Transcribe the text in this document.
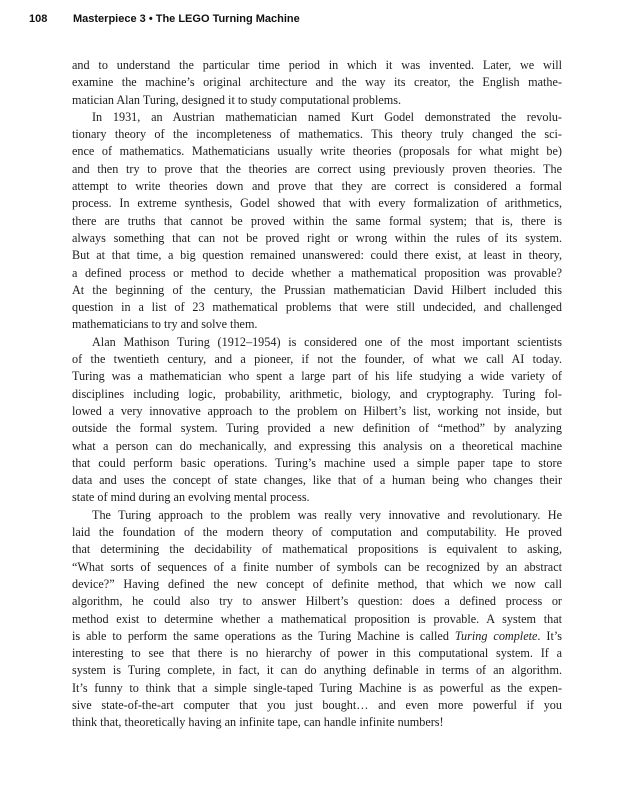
108 Masterpiece 3 • The LEGO Turning Machine
and to understand the particular time period in which it was invented. Later, we will
examine the machine’s original architecture and the way its creator, the English mathe-
matician Alan Turing, designed it to study computational problems.
In 1931, an Austrian mathematician named Kurt Godel demonstrated the revolu-
tionary theory of the incompleteness of mathematics. This theory truly changed the sci-
ence of mathematics. Mathematicians usually write theories (proposals for what might be)
and then try to prove that the theories are correct using previously proven theories. The
attempt to write theories down and prove that they are correct is considered a formal
process. In extreme synthesis, Godel showed that with every formalization of arithmetics,
there are truths that cannot be proved within the same formal system; that is, there is
always something that can not be proved right or wrong within the rules of its system.
But at that time, a big question remained unanswered: could there exist, at least in theory,
a defined process or method to decide whether a mathematical proposition was provable?
At the beginning of the century, the Prussian mathematician David Hilbert included this
question in a list of 23 mathematical problems that were still undecided, and challenged
mathematicians to try and solve them.
Alan Mathison Turing (1912–1954) is considered one of the most important scientists
of the twentieth century, and a pioneer, if not the founder, of what we call AI today.
Turing was a mathematician who spent a large part of his life studying a wide variety of
disciplines including logic, probability, arithmetic, biology, and cryptography. Turing fol-
lowed a very innovative approach to the problem on Hilbert’s list, working not inside, but
outside the formal system. Turing provided a new definition of “method” by analyzing
what a person can do mechanically, and expressing this analysis on a theoretical machine
that could perform basic operations. Turing’s machine used a simple paper tape to store
data and uses the concept of state changes, like that of a human being who changes their
state of mind during an evolving mental process.
The Turing approach to the problem was really very innovative and revolutionary. He
laid the foundation of the modern theory of computation and computability. He proved
that determining the decidability of mathematical propositions is equivalent to asking,
“What sorts of sequences of a finite number of symbols can be recognized by an abstract
device?” Having defined the new concept of definite method, that which we now call
algorithm, he could also try to answer Hilbert’s question: does a defined process or
method exist to determine whether a mathematical proposition is provable. A system that
is able to perform the same operations as the Turing Machine is called Turing complete. It’s
interesting to see that there is no hierarchy of power in this computational system. If a
system is Turing complete, in fact, it can do anything definable in terms of an algorithm.
It’s funny to think that a simple single-taped Turing Machine is as powerful as the expen-
sive state-of-the-art computer that you just bought… and even more powerful if you
think that, theoretically having an infinite tape, can handle infinite numbers!
